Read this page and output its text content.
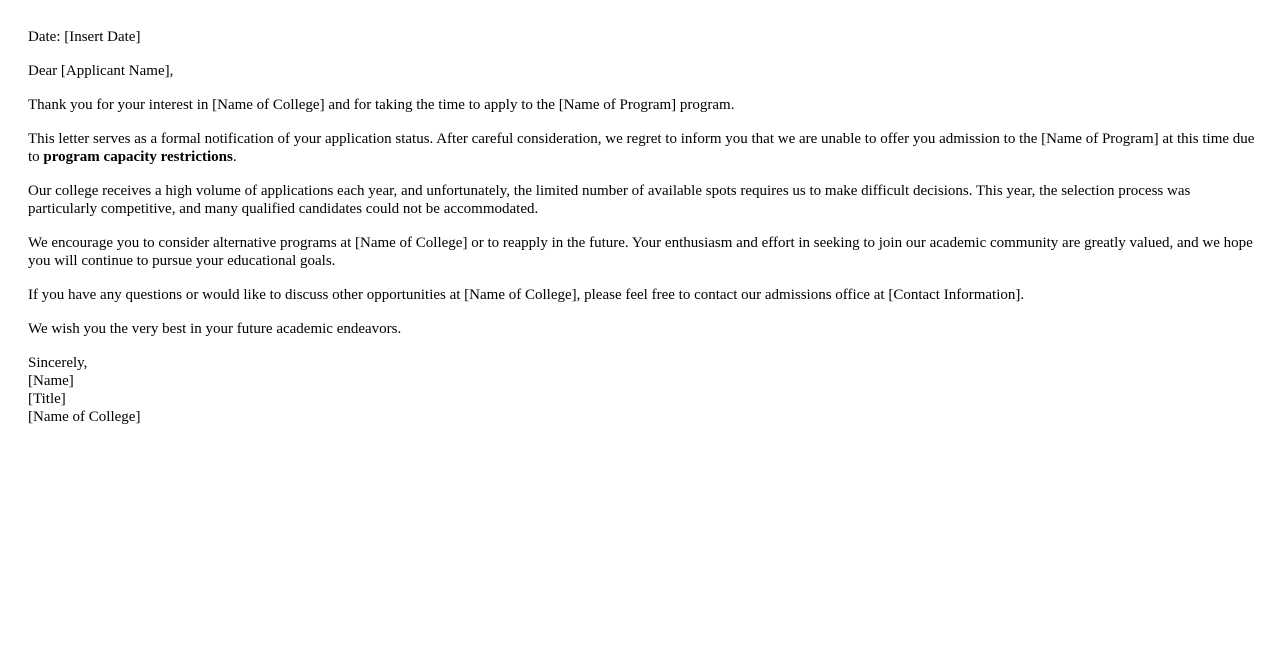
Date: [Insert Date]

Dear [Applicant Name],

Thank you for your interest in [Name of College] and for taking the time to apply to the [Name of Program] program.

This letter serves as a formal notification of your application status. After careful consideration, we regret to inform you that we are unable to offer you admission to the [Name of Program] at this time due to program capacity restrictions.

Our college receives a high volume of applications each year, and unfortunately, the limited number of available spots requires us to make difficult decisions. This year, the selection process was particularly competitive, and many qualified candidates could not be accommodated.

We encourage you to consider alternative programs at [Name of College] or to reapply in the future. Your enthusiasm and effort in seeking to join our academic community are greatly valued, and we hope you will continue to pursue your educational goals.

If you have any questions or would like to discuss other opportunities at [Name of College], please feel free to contact our admissions office at [Contact Information].

We wish you the very best in your future academic endeavors.

Sincerely,
[Name]
[Title]
[Name of College]
